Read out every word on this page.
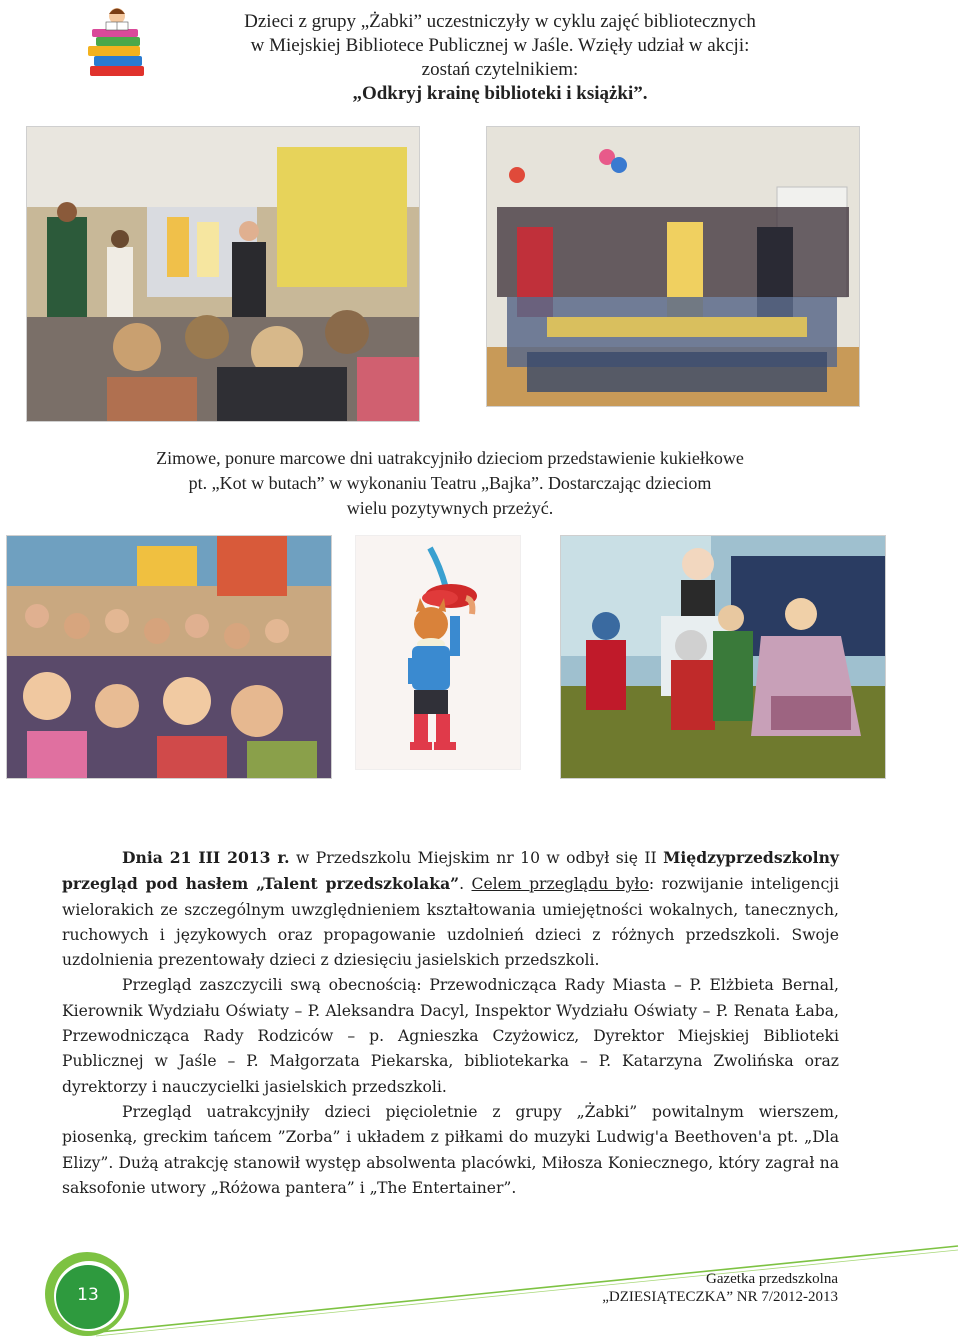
Dzieci z grupy „Żabki” uczestniczyły w cyklu zajęć bibliotecznych
w Miejskiej Bibliotece Publicznej w Jaśle. Wzięły udział w akcji:
zostań czytelnikiem:
„Odkryj krainę biblioteki i książki”.
Zimowe, ponure marcowe dni uatrakcyjniło dzieciom przedstawienie kukiełkowe
pt. „Kot w butach” w wykonaniu Teatru „Bajka”. Dostarczając dzieciom
wielu pozytywnych przeżyć.

Dnia 21 III 2013 r. w Przedszkolu Miejskim nr 10 w odbył się II Międzyprzedszkolny przegląd pod hasłem „Talent przedszkolaka”. Celem przeglądu było: rozwijanie inteligencji wielorakich ze szczególnym uwzględnieniem kształtowania umiejętności wokalnych, tanecznych, ruchowych i językowych oraz propagowanie uzdolnień dzieci z różnych przedszkoli. Swoje uzdolnienia prezentowały dzieci z dziesięciu jasielskich przedszkoli.

Przegląd zaszczycili swą obecnością: Przewodnicząca Rady Miasta – P. Elżbieta Bernal, Kierownik Wydziału Oświaty – P. Aleksandra Dacyl, Inspektor Wydziału Oświaty – P. Renata Łaba, Przewodnicząca Rady Rodziców – p. Agnieszka Czyżowicz, Dyrektor Miejskiej Biblioteki Publicznej w Jaśle – P. Małgorzata Piekarska, bibliotekarka – P. Katarzyna Zwolińska oraz dyrektorzy i nauczycielki jasielskich przedszkoli.

Przegląd uatrakcyjniły dzieci pięcioletnie z grupy „Żabki” powitalnym wierszem, piosenką, greckim tańcem ”Zorba” i układem z piłkami do muzyki Ludwig'a Beethoven'a pt. „Dla Elizy”. Dużą atrakcję stanowił występ absolwenta placówki, Miłosza Koniecznego, który zagrał na saksofonie utwory „Różowa pantera” i „The Entertainer”.

13
Gazetka przedszkolna
„DZIESIĄTECZKA” NR 7/2012-2013
